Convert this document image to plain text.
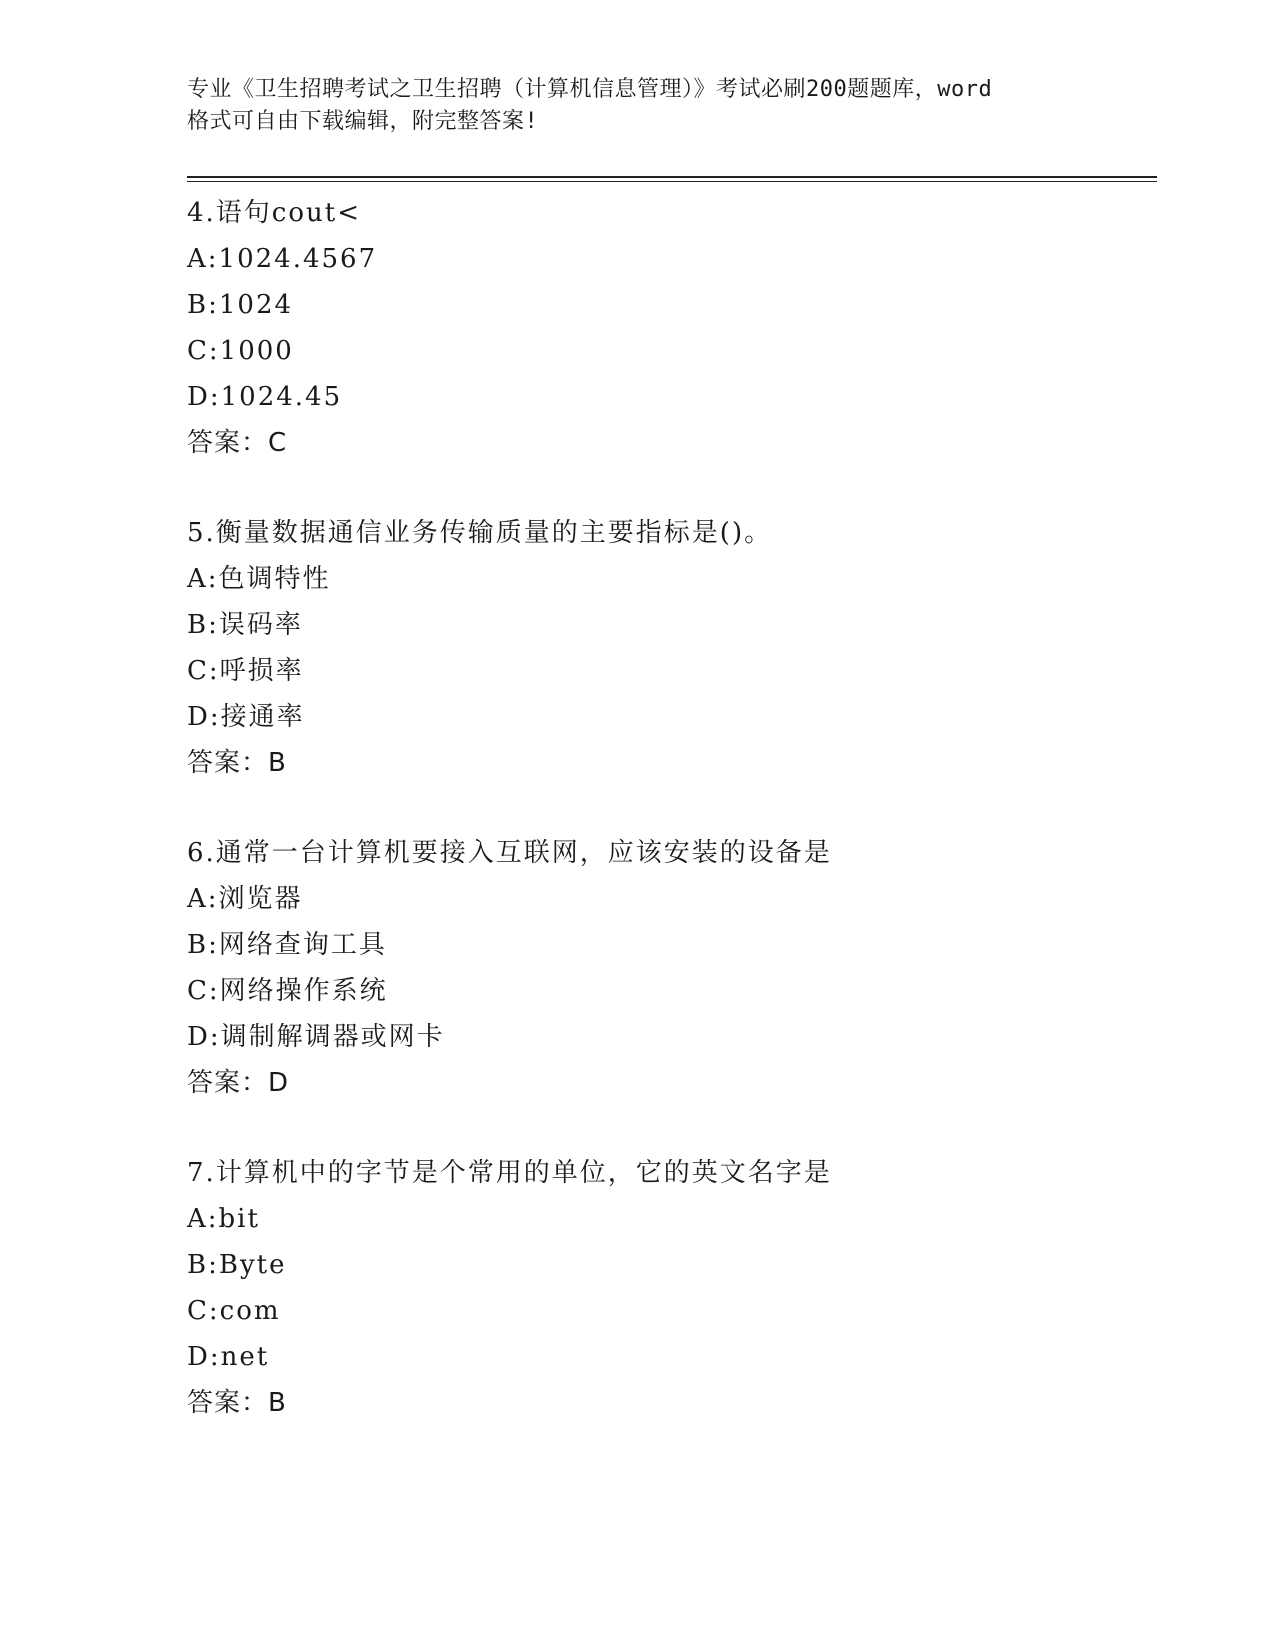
专业《卫生招聘考试之卫生招聘（计算机信息管理）》考试必刷200题题库，word
格式可自由下载编辑，附完整答案!
4.语句cout<
A:1024.4567
B:1024
C:1000
D:1024.45
答案：C
5.衡量数据通信业务传输质量的主要指标是()。
A:色调特性
B:误码率
C:呼损率
D:接通率
答案：B
6.通常一台计算机要接入互联网，应该安装的设备是
A:浏览器
B:网络查询工具
C:网络操作系统
D:调制解调器或网卡
答案：D
7.计算机中的字节是个常用的单位，它的英文名字是
A:bit
B:Byte
C:com
D:net
答案：B
